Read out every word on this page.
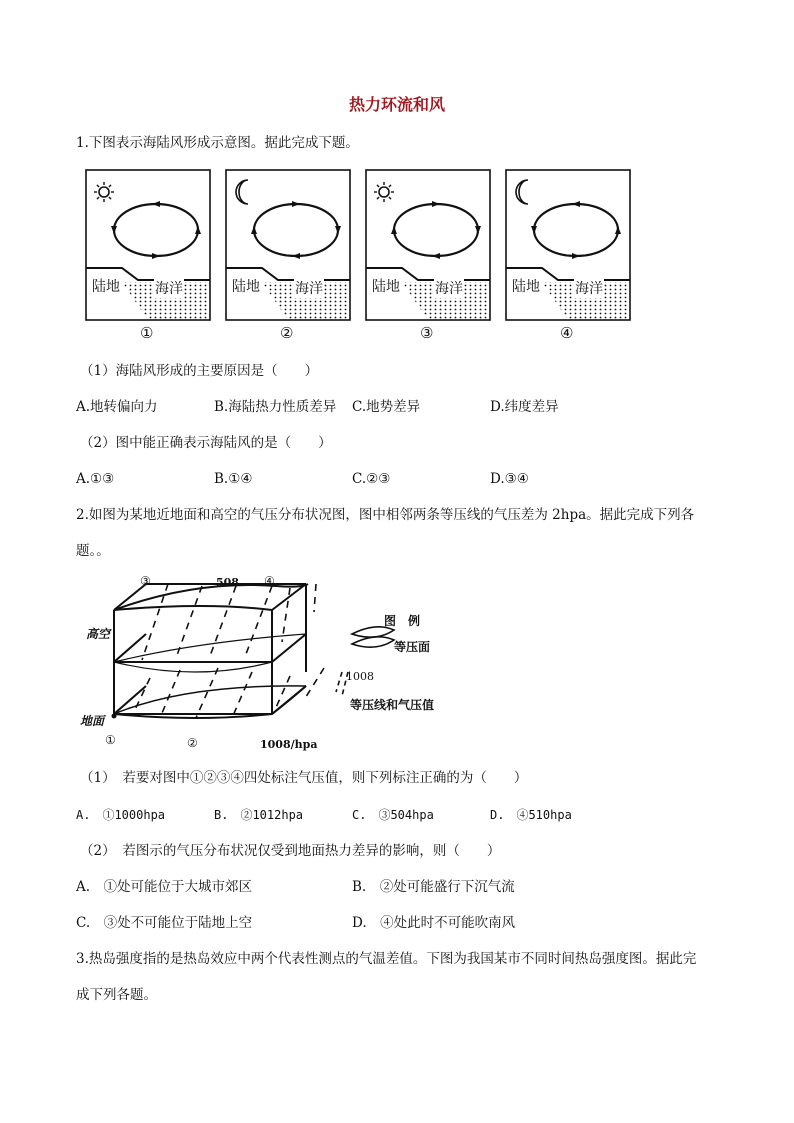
热力环流和风
1.下图表示海陆风形成示意图。据此完成下题。
陆地	海洋
①
陆地	海洋
②
陆地	海洋
③
陆地	海洋
④
（1）海陆风形成的主要原因是（　　）
A.地转偏向力	B.海陆热力性质差异 C.地势差异	D.纬度差异
（2）图中能正确表示海陆风的是（　　）
A.①③	B.①④	C.②③	D.③④
2.如图为某地近地面和高空的气压分布状况图，图中相邻两条等压线的气压差为 2hpa。据此完成下列各
题。。
③	④
508
高空
地面
①	②	1008/hpa
图　例
等压面
1008
等压线和气压值
（1）　若要对图中①②③④四处标注气压值，则下列标注正确的为（　　）
A.　①1000hpa	B.　②1012hpa	C.　③504hpa	D.　④510hpa
（2）　若图示的气压分布状况仅受到地面热力差异的影响，则（　　）
A.　①处可能位于大城市郊区	B.　②处可能盛行下沉气流
C.　③处不可能位于陆地上空	D.　④处此时不可能吹南风
3.热岛强度指的是热岛效应中两个代表性测点的气温差值。下图为我国某市不同时间热岛强度图。据此完
成下列各题。
